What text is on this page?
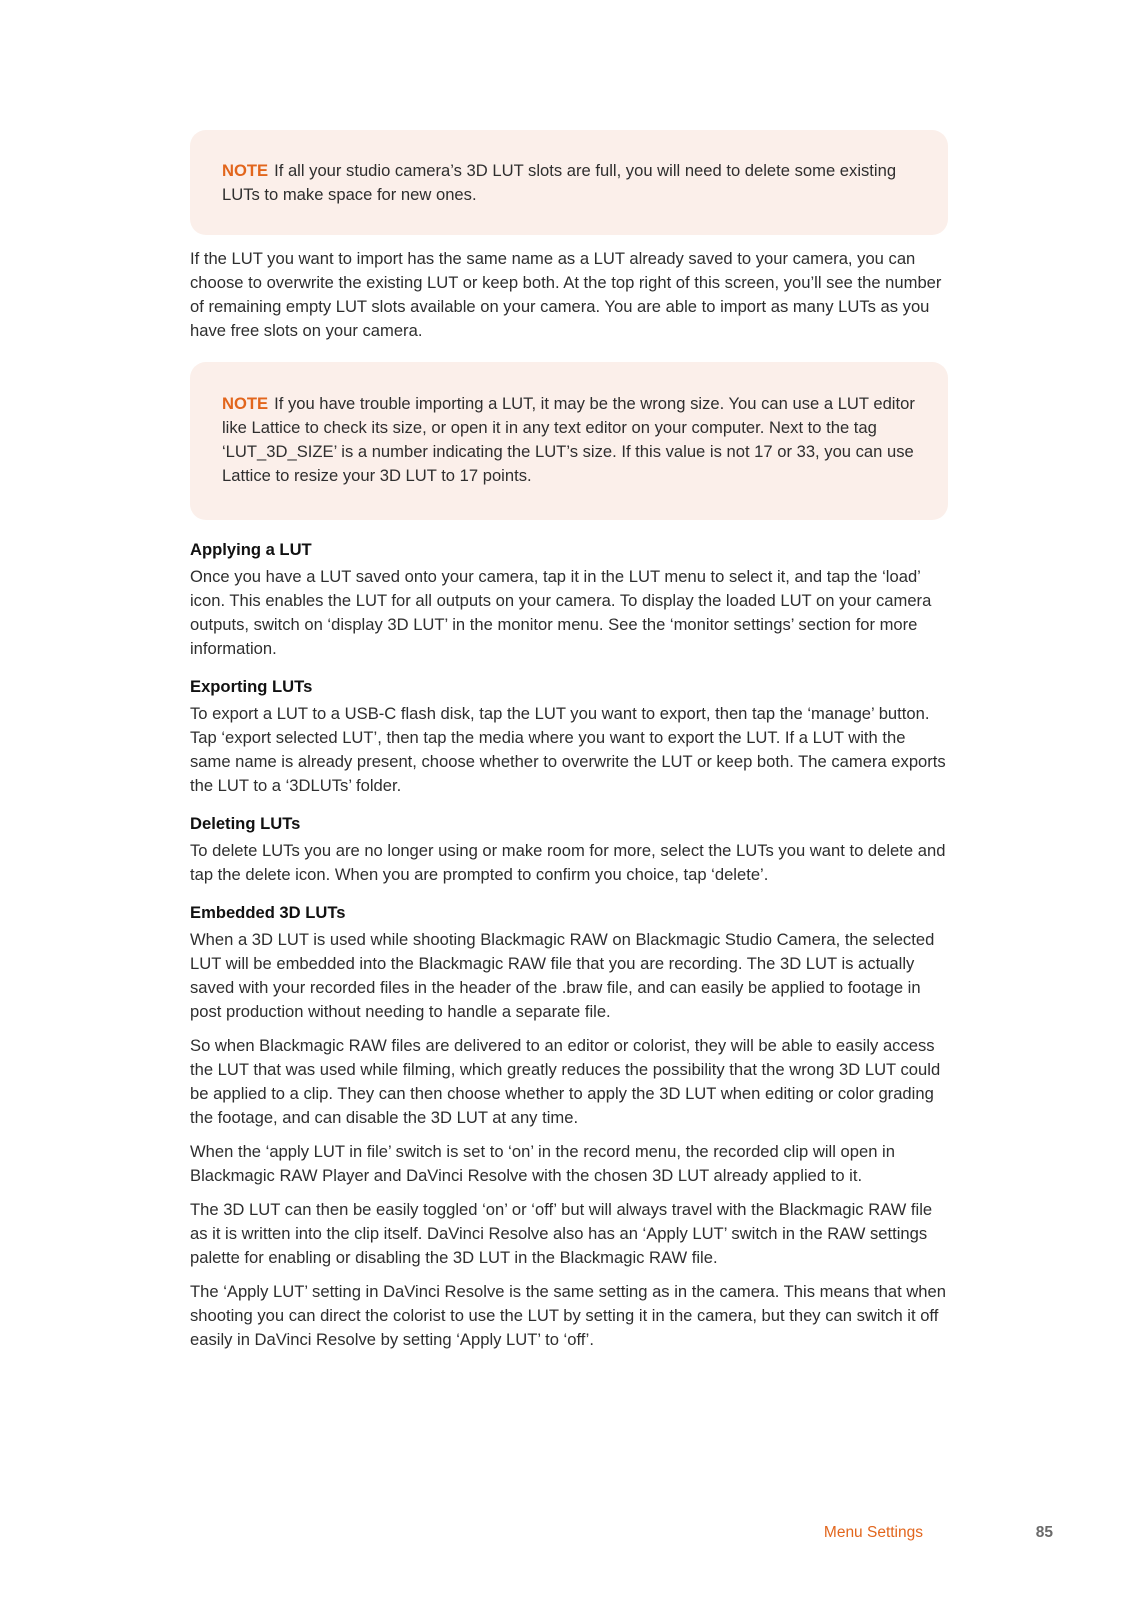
NOTE If all your studio camera’s 3D LUT slots are full, you will need to delete some existing LUTs to make space for new ones.

If the LUT you want to import has the same name as a LUT already saved to your camera, you can choose to overwrite the existing LUT or keep both. At the top right of this screen, you’ll see the number of remaining empty LUT slots available on your camera. You are able to import as many LUTs as you have free slots on your camera.

NOTE If you have trouble importing a LUT, it may be the wrong size. You can use a LUT editor like Lattice to check its size, or open it in any text editor on your computer. Next to the tag ‘LUT_3D_SIZE’ is a number indicating the LUT’s size. If this value is not 17 or 33, you can use Lattice to resize your 3D LUT to 17 points.
Applying a LUT

Once you have a LUT saved onto your camera, tap it in the LUT menu to select it, and tap the ‘load’ icon. This enables the LUT for all outputs on your camera. To display the loaded LUT on your camera outputs, switch on ‘display 3D LUT’ in the monitor menu. See the ‘monitor settings’ section for more information.

Exporting LUTs

To export a LUT to a USB-C flash disk, tap the LUT you want to export, then tap the ‘manage’ button. Tap ‘export selected LUT’, then tap the media where you want to export the LUT. If a LUT with the same name is already present, choose whether to overwrite the LUT or keep both. The camera exports the LUT to a ‘3DLUTs’ folder.

Deleting LUTs

To delete LUTs you are no longer using or make room for more, select the LUTs you want to delete and tap the delete icon. When you are prompted to confirm you choice, tap ‘delete’.

Embedded 3D LUTs

When a 3D LUT is used while shooting Blackmagic RAW on Blackmagic Studio Camera, the selected LUT will be embedded into the Blackmagic RAW file that you are recording. The 3D LUT is actually saved with your recorded files in the header of the .braw file, and can easily be applied to footage in post production without needing to handle a separate file.

So when Blackmagic RAW files are delivered to an editor or colorist, they will be able to easily access the LUT that was used while filming, which greatly reduces the possibility that the wrong 3D LUT could be applied to a clip. They can then choose whether to apply the 3D LUT when editing or color grading the footage, and can disable the 3D LUT at any time.

When the ‘apply LUT in file’ switch is set to ‘on’ in the record menu, the recorded clip will open in Blackmagic RAW Player and DaVinci Resolve with the chosen 3D LUT already applied to it.

The 3D LUT can then be easily toggled ‘on’ or ‘off’ but will always travel with the Blackmagic RAW file as it is written into the clip itself. DaVinci Resolve also has an ‘Apply LUT’ switch in the RAW settings palette for enabling or disabling the 3D LUT in the Blackmagic RAW file.

The ‘Apply LUT’ setting in DaVinci Resolve is the same setting as in the camera. This means that when shooting you can direct the colorist to use the LUT by setting it in the camera, but they can switch it off easily in DaVinci Resolve by setting ‘Apply LUT’ to ‘off’.

Menu Settings	85
